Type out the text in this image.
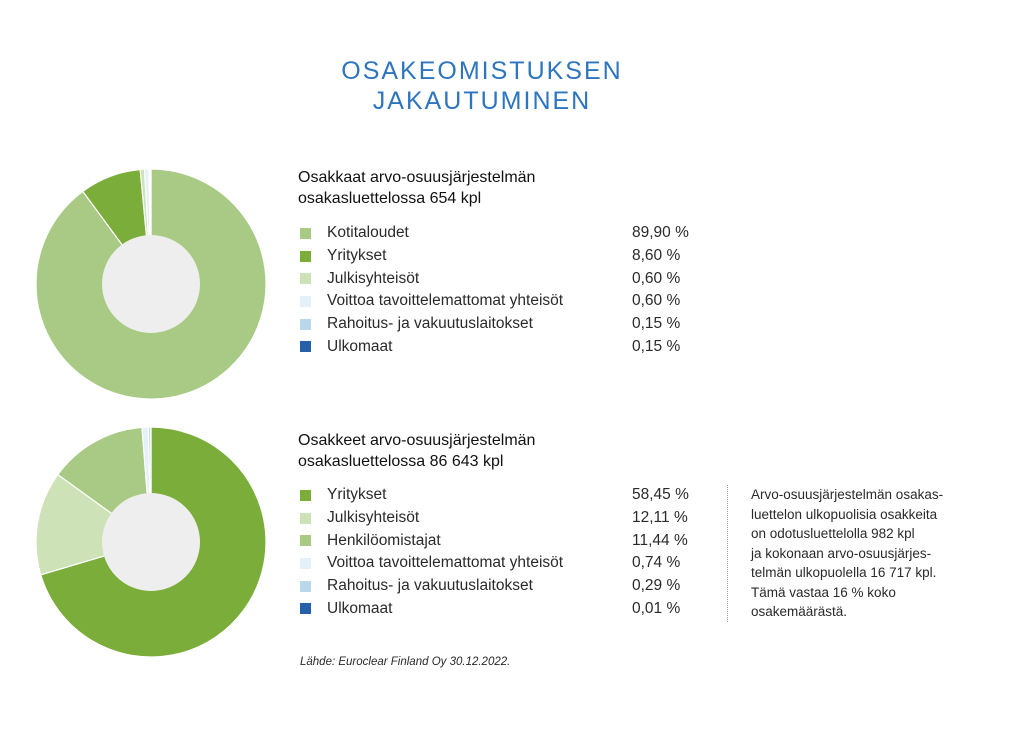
OSAKEOMISTUKSEN
JAKAUTUMINEN
Osakkaat arvo-osuusjärjestelmän
osakasluettelossa 654 kpl
Kotitaloudet	89,90 %
Yritykset	8,60 %
Julkisyhteisöt	0,60 %
Voittoa tavoittelemattomat yhteisöt	0,60 %
Rahoitus- ja vakuutuslaitokset	0,15 %
Ulkomaat	0,15 %
Osakkeet arvo-osuusjärjestelmän
osakasluettelossa 86 643 kpl
Yritykset	58,45 %
Julkisyhteisöt	12,11 %
Henkilöomistajat	11,44 %
Voittoa tavoittelemattomat yhteisöt	0,74 %
Rahoitus- ja vakuutuslaitokset	0,29 %
Ulkomaat	0,01 %
Arvo-osuusjärjestelmän osakas-
luettelon ulkopuolisia osakkeita
on odotusluettelolla 982 kpl
ja kokonaan arvo-osuusjärjes-
telmän ulkopuolella 16 717 kpl.
Tämä vastaa 16 % koko
osakemäärästä.
Lähde: Euroclear Finland Oy 30.12.2022.
